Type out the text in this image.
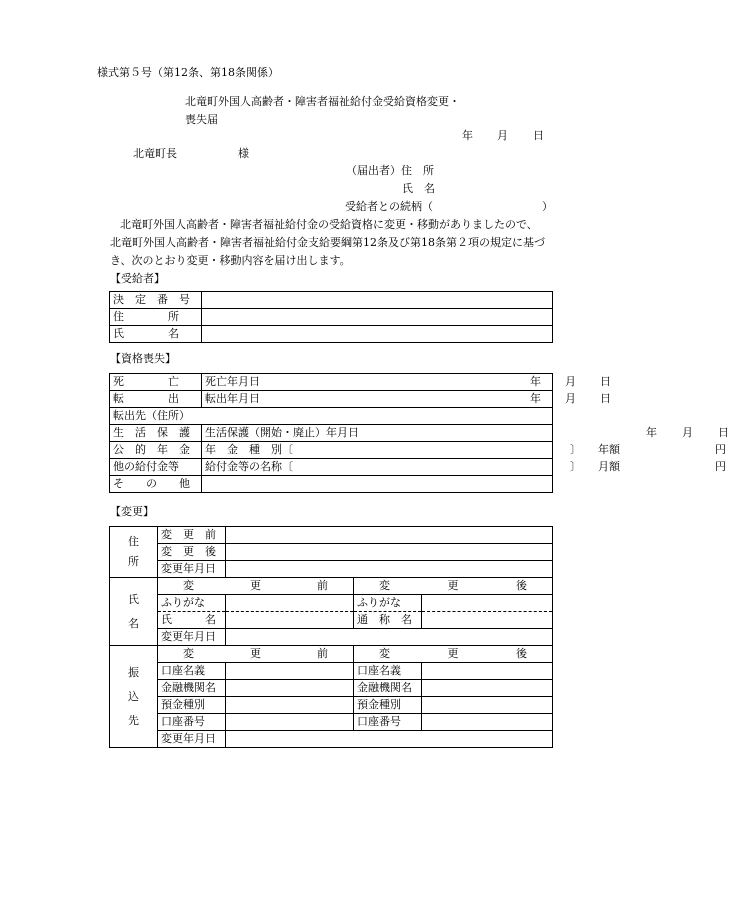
様式第５号（第12条、第18条関係）
北竜町外国人高齢者・障害者福祉給付金受給資格変更・
喪失届
年 月 日
北竜町長	様
（届出者）住　所
氏　名
受給者との続柄（	）
北竜町外国人高齢者・障害者福祉給付金の受給資格に変更・移動がありましたので、
北竜町外国人高齢者・障害者福祉給付金支給要綱第12条及び第18条第２項の規定に基づ
き、次のとおり変更・移動内容を届け出します。
【受給者】
決　定　番　号	
住　　　　所	
氏　　　　名	
【資格喪失】
死　　　　亡	死亡年月日 年 月 日

転　　　　出	転出年月日 年 月 日

転出先（住所）	
生　活　保　護	生活保護（開始・廃止）年月日 年 月 日

公　的　年　金	年　金　種　別〔 〕 年額 円

他の給付金等	給付金等の名称〔 〕 月額 円

そ　　の　　他	
【変更】
住
所	変　更　前			
	変　更　後			
	変更年月日			

氏
名	変 更 前		変 更 後	

	ふりがな		ふりがな	
	氏　　　名		通　称　名	
	変更年月日			

振
込
先	変 更 前		変 更 後	

	口座名義		口座名義	
	金融機関名		金融機関名	
	預金種別		預金種別	
	口座番号		口座番号	
	変更年月日			
